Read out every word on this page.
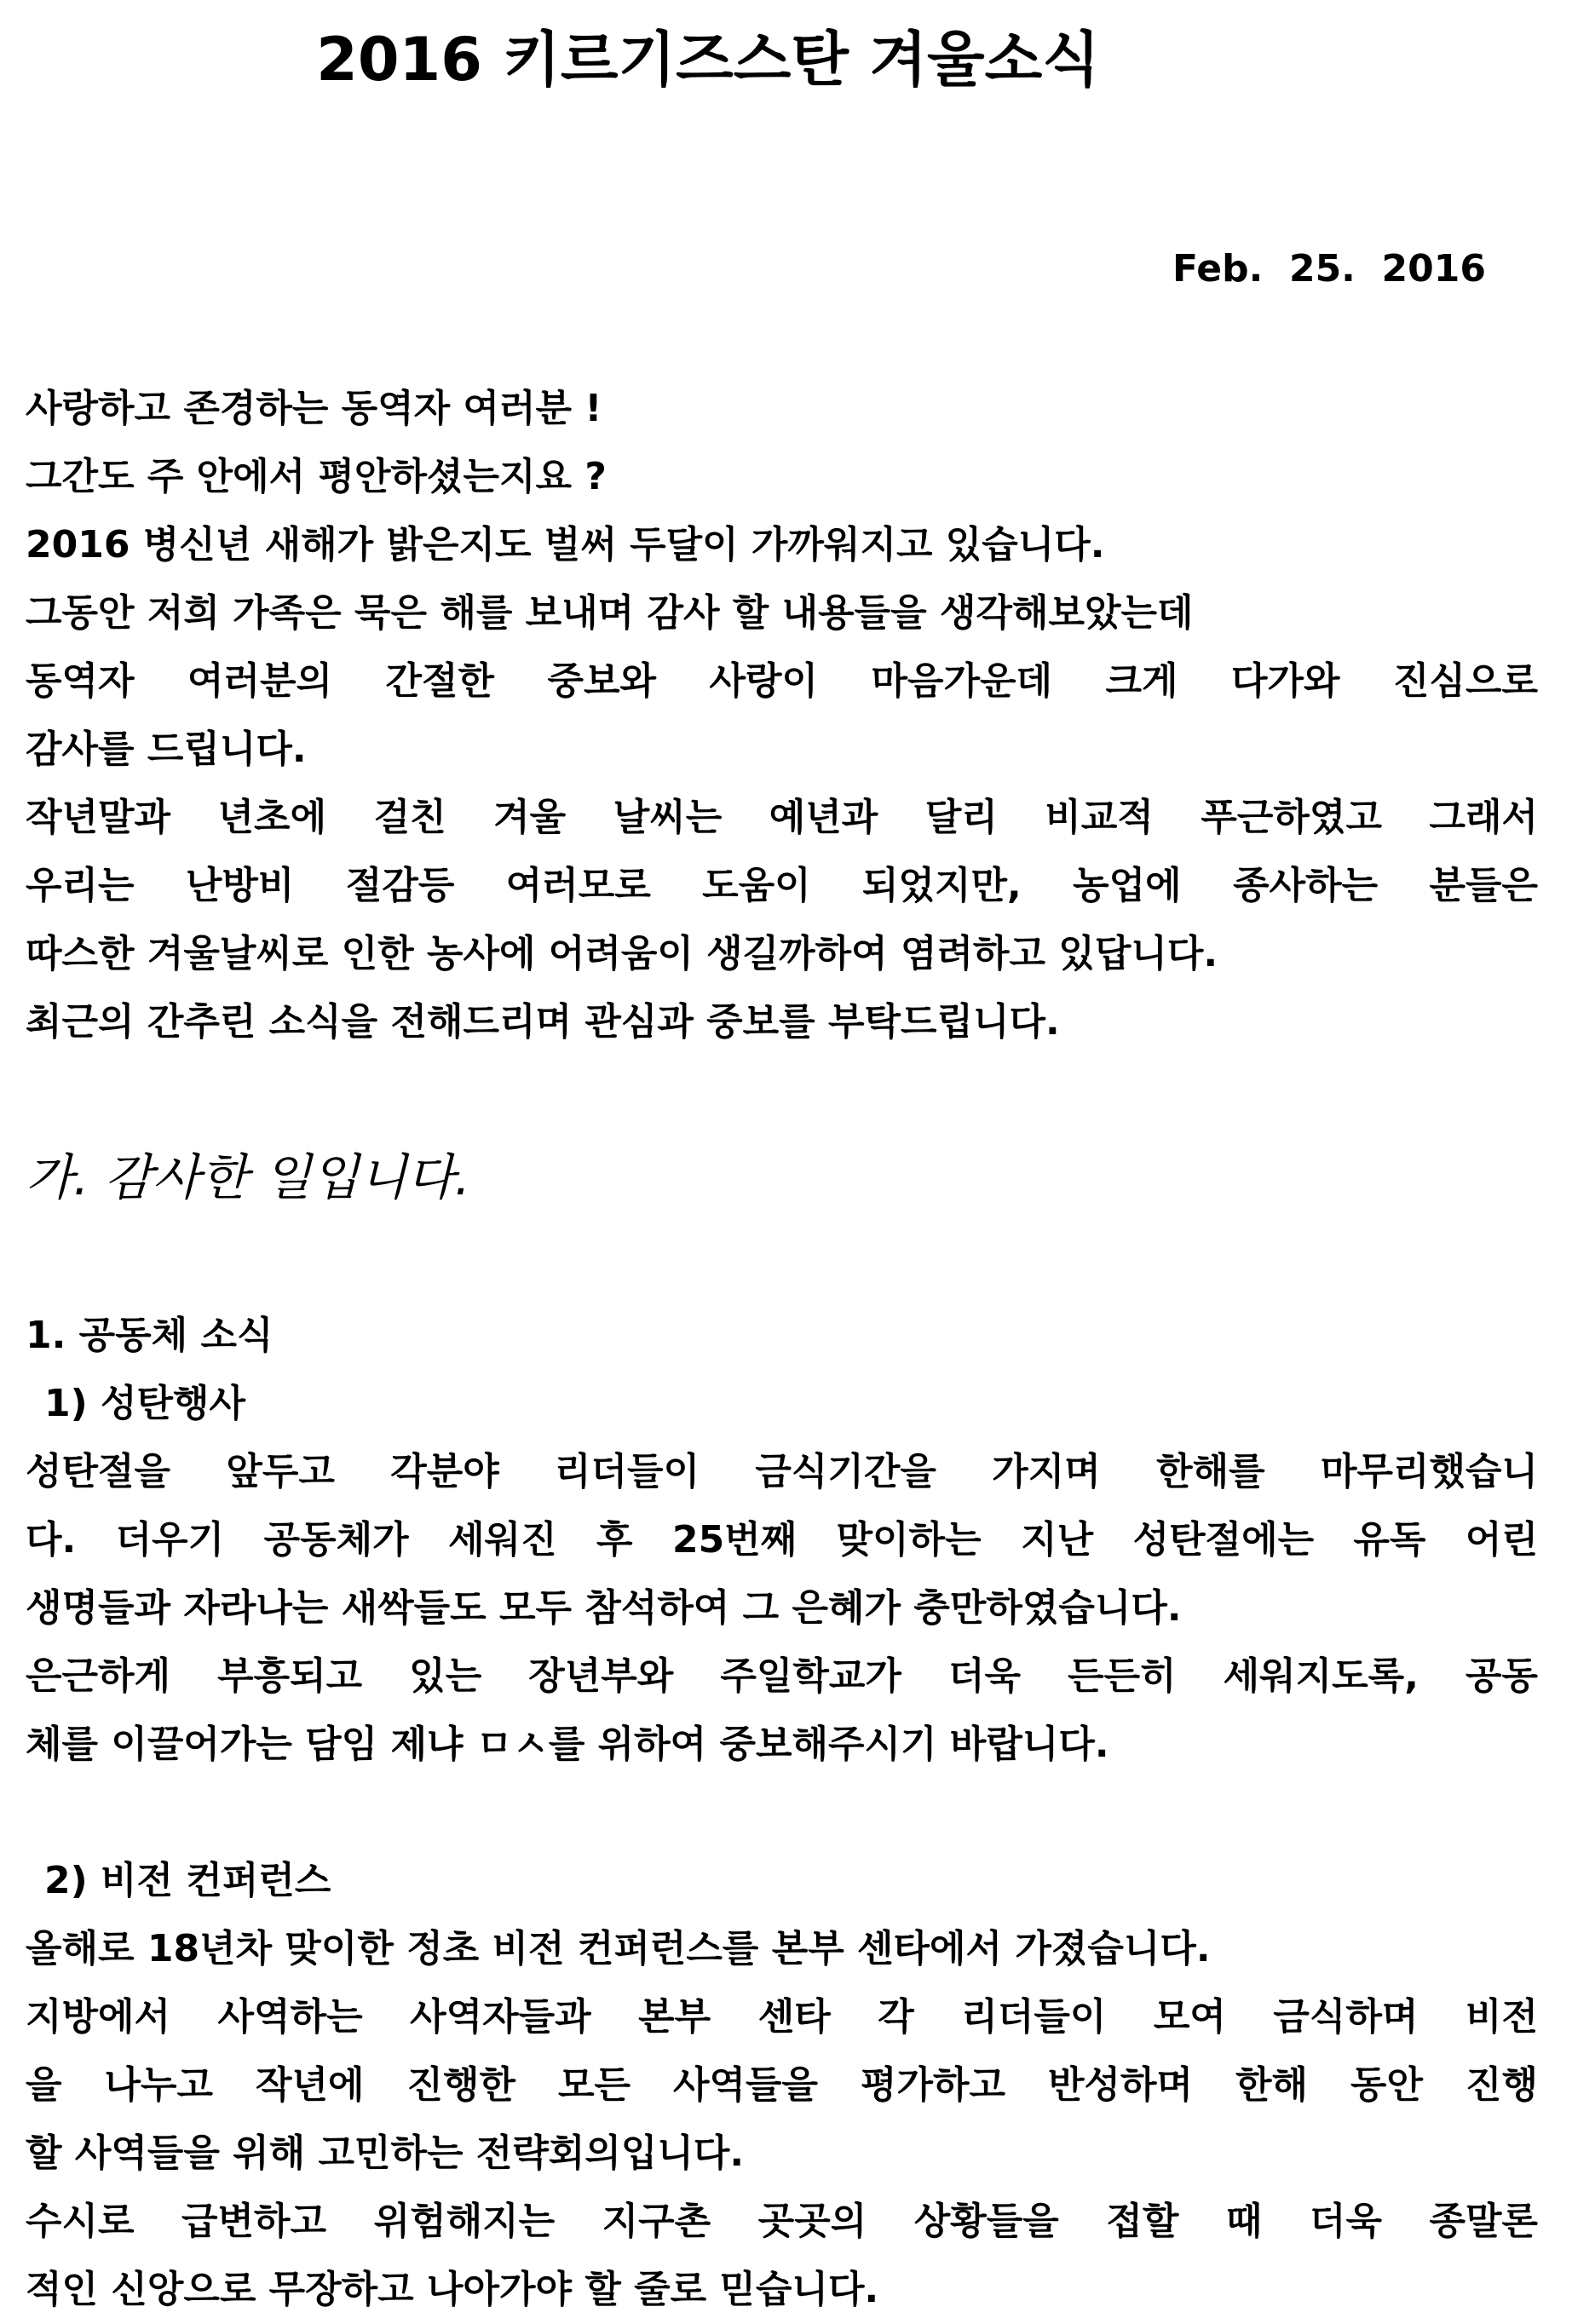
2016 키르기즈스탄 겨울소식
Feb.  25.  2016
사랑하고 존경하는 동역자 여러분 !
그간도 주 안에서 평안하셨는지요 ?
2016 병신년 새해가 밝은지도 벌써 두달이 가까워지고 있습니다.
그동안 저희 가족은 묵은 해를 보내며 감사 할 내용들을 생각해보았는데
동역자 여러분의 간절한 중보와 사랑이 마음가운데 크게 다가와 진심으로
감사를 드립니다.
작년말과 년초에 걸친 겨울 날씨는 예년과 달리 비교적 푸근하였고 그래서
우리는 난방비 절감등 여러모로 도움이 되었지만, 농업에 종사하는 분들은
따스한 겨울날씨로 인한 농사에 어려움이 생길까하여 염려하고 있답니다.
최근의 간추린 소식을 전해드리며 관심과 중보를 부탁드립니다.
가. 감사한 일입니다.
1. 공동체 소식
1) 성탄행사
성탄절을 앞두고 각분야 리더들이 금식기간을 가지며 한해를 마무리했습니
다. 더우기 공동체가 세워진 후 25번째 맞이하는 지난 성탄절에는 유독 어린
생명들과 자라나는 새싹들도 모두 참석하여 그 은혜가 충만하였습니다.
은근하게 부흥되고 있는 장년부와 주일학교가 더욱 든든히 세워지도록, 공동
체를 이끌어가는 담임 제냐 ㅁㅅ를 위하여 중보해주시기 바랍니다.
2) 비전 컨퍼런스
올해로 18년차 맞이한 정초 비전 컨퍼런스를 본부 센타에서 가졌습니다.
지방에서 사역하는 사역자들과 본부 센타 각 리더들이 모여 금식하며 비전
을 나누고 작년에 진행한 모든 사역들을 평가하고 반성하며 한해 동안 진행
할 사역들을 위해 고민하는 전략회의입니다.
수시로 급변하고 위험해지는 지구촌 곳곳의 상황들을 접할 때 더욱 종말론
적인 신앙으로 무장하고 나아가야 할 줄로 믿습니다.
